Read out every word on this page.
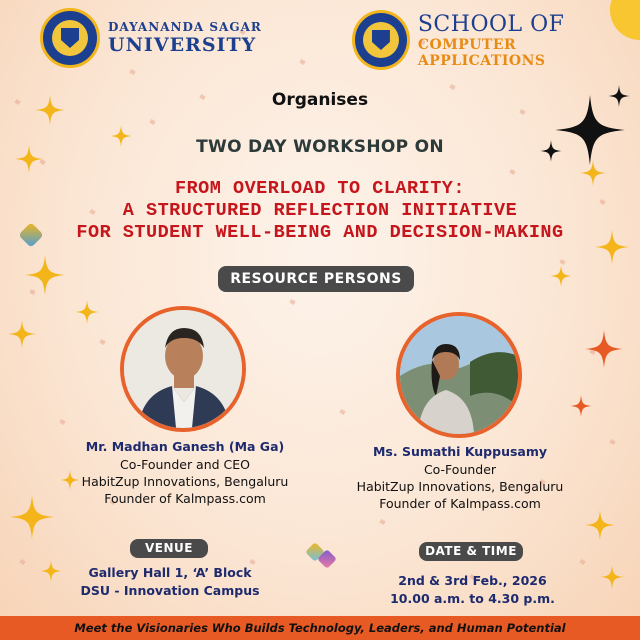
DAYANANDA SAGAR
UNIVERSITY
SCHOOL OF
COMPUTER APPLICATIONS
Organises
TWO DAY WORKSHOP ON
FROM OVERLOAD TO CLARITY:
A STRUCTURED REFLECTION INITIATIVE
FOR STUDENT WELL-BEING AND DECISION-MAKING
RESOURCE PERSONS
Mr. Madhan Ganesh (Ma Ga)
Co-Founder and CEO
HabitZup Innovations, Bengaluru
Founder of Kalmpass.com
Ms. Sumathi Kuppusamy
Co-Founder
HabitZup Innovations, Bengaluru
Founder of Kalmpass.com
VENUE
Gallery Hall 1, ‘A’ Block
DSU - Innovation Campus
DATE & TIME
2nd & 3rd Feb., 2026
10.00 a.m. to 4.30 p.m.
Meet the Visionaries Who Builds Technology, Leaders, and Human Potential
